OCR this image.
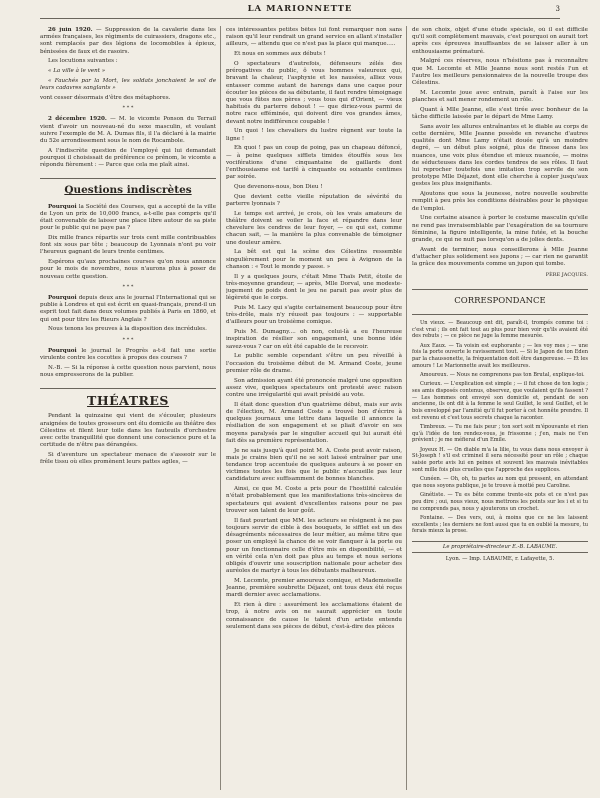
LA MARIONNETTE	3

26 juin 1920. — Suppression de la cavalerie dans les armées françaises, les régiments de cuirassiers, dragons etc., sont remplacés par des légions de locomobiles à épieux, bénissées de faux et de rasoirs.

Les locutions suivantes :

« La ville à le vent »

« Fauchés par la Mort, les soldats jonchaient le sol de leurs cadavres sanglants »

vont cesser désormais d'être des métaphores.

* * *

2 décembre 1920. — M. le vicomte Ponson du Terrail vient d'avoir un nouveau-né du sexe masculin, et voulant suivre l'exemple de M. A. Dumas fils, il l'a déclaré à la mairie du 52e arrondissement sous le nom de Rocambole.

A l'indiscrète question de l'employé qui lui demandait pourquoi il choisissait de préférence ce prénom, le vicomte a répondu fièrement : — Parce que cela me plaît ainsi.

Questions indiscrètes

Pourquoi la Société des Courses, qui a accepté de la ville de Lyon un prix de 10,000 francs, a-t-elle pas compris qu'il était convenable de laisser une place libre autour de sa piste pour le public qui ne paye pas ?

Dix mille francs répartis sur trois cent mille contribuables font six sous par tête ; beaucoup de Lyonnais n'ont pu voir l'heureux gagnant de leurs trente centimes.

Espérons qu'aux prochaines courses qu'on nous annonce pour le mois de novembre, nous n'aurons plus à poser de nouveau cette question.

* * *

Pourquoi depuis deux ans le journal l'International qui se publie à Londres et qui est écrit en quasi-français, prend-il un esprit tout fait dans deux volumes publiés à Paris en 1860, et qui ont pour titre les Rieurs Anglais ?

Nous tenons les preuves à la disposition des incrédules.

* * *

Pourquoi le journal le Progrès a-t-il fait une sortie virulente contre les cocottes à propos des courses ?

N.-B. — Si la réponse à cette question nous parvient, nous nous empresserons de la publier.

THÉATRES

Pendant la quinzaine qui vient de s'écouler, plusieurs araignées de toutes grosseurs ont élu domicile au théâtre des Célestins et filent leur toile dans les fauteuils d'orchestre avec cette tranquillité que donnent une conscience pure et la certitude de n'être pas dérangées.

Si d'aventure un spectateur menace de s'asseoir sur le frêle tissu où elles promènent leurs pattes agiles, —

ces intéressantes petites bêtes lui font remarquer non sans raison qu'il leur rendrait un grand service en allant s'installer ailleurs, — attendu que ce n'est pas la place qui manque.....

Et nous en sommes aux débuts !

O spectateurs d'autrefois, défenseurs zélés des prérogatives du public, ô vous hommes valeureux qui, bravant la chaleur, l'asphyxie et les nausées, alliez vous entasser comme autant de harengs dans une caque pour écouter les pièces de sa débutante, il faut rendre témoignage que vous fûtes nos pères ; vous tous qui d'Orient, — vieux habitués du parterre debout ! — que diriez-vous parmi de notre race efféminée, qui doivent dire vos grandes âmes, devant notre indifférence coupable !

Un quoi ! les chevaliers du lustre règnent sur toute la ligne !

Eh quoi ! pas un coup de poing, pas un chapeau défoncé, — à peine quelques sifflets timides étouffés sous les vociférations d'une cinquantaine de gaillards dont l'enthousiasme est tarifé à cinquante ou soixante centimes par soirée.

Que devenons-nous, bon Dieu !

Que devient cette vieille réputation de sévérité du parterre lyonnais ?

Le temps est arrivé, je crois, où les vrais amateurs de théâtre doivent se voiler la face et répandre dans leur chevelure les cendres de leur foyer, — ce qui est, comme chacun sait, — la manière la plus convenable de témoigner une douleur amère.

La bêt est qui la scène des Célestins ressemble singulièrement pour le moment un peu à Avignon de la chanson : « Tout le monde y passe. »

Il y a quelques jours, c'était Mme Thaïs Petit, étoile de très-moyenne grandeur, — après, Mlle Dorval, une modeste-jugement de poids dont le jeu ne parait pas avoir plus de légèreté que le corps.

Puis M. Lacy qui s'agite certainement beaucoup pour être très-drôle, mais n'y réussit pas toujours : — supportable d'ailleurs pour un troisième comique.

Puis M. Dumagny.... oh non, celui-là a eu l'heureuse inspiration de résilier son engagement, une bonne idée savez-vous ? car on eût été capable de le recevoir.

Le public semble cependant s'être un peu réveillé à l'occasion du troisième début de M. Armand Coste, jeune premier rôle de drame.

Son admission ayant été prononcée malgré une opposition assez vive, quelques spectateurs ont protesté avec raison contre une irrégularité qui avait présidé au vote.

Il était donc question d'un quatrième début, mais sur avis de l'élection, M. Armand Coste a trouvé bon d'écrire à quelques journaux une lettre dans laquelle il annonce la résiliation de son engagement et se pliait d'avoir en ses moyens paralysés par le singulier accueil qui lui aurait été fait dès sa première représentation.

Je ne sais jusqu'à quel point M. A. Coste peut avoir raison, mais je crains bien qu'il ne se soit laissé entraîner par une tendance trop accentuée de quelques auteurs à se poser en victimes toutes les fois que le public n'accueille pas leur candidature avec suffisamment de bonnes blanches.

Ainsi, ce que M. Coste a pris pour de l'hostilité calculée n'était probablement que les manifestations très-sincères de spectateurs qui avaient d'excellentes raisons pour ne pas trouver son talent de leur goût.

Il faut pourtant que MM. les acteurs se résignent à ne pas toujours servir de cible à des bouquets, le sifflet est un des désagréments nécessaires de leur métier, au même titre que poser un employé la chance de se voir flanquer à la porte ou pour un fonctionnaire celle d'être mis en disponibilité, — et en vérité cela n'en doit pas plus au temps et nous serions obligés d'ouvrir une souscription nationale pour acheter des auréoles de martyr à tous les débutants malheureux.

M. Lecomte, premier amoureux comique, et Mademoiselle Jeanne, première soubrette Déjazet, ont tous deux été reçus mardi dernier avec acclamations.

Et rien à dire : assurément les acclamations étaient de trop, à notre avis on ne saurait apprécier en toute connaissance de cause le talent d'un artiste entendu seulement dans ses pièces de début, c'est-à-dire des pièces

de son choix, objet d'une étude spéciale, où il est difficile qu'il soit complètement mauvais, c'est pourquoi on aurait tort après ces épreuves insuffisantes de se laisser aller à un enthousiasme prématuré.

Malgré ces réserves, nous n'hésitons pas à reconnaître que M. Lecomte et Mlle Jeanne nous sont restés l'un et l'autre les meilleurs pensionnaires de la nouvelle troupe des Célestins.

M. Lecomte joue avec entrain, paraît à l'aise sur les planches et sait mener rondement un rôle.

Quant à Mlle Jeanne, elle s'est tirée avec bonheur de la tâche difficile laissée par le départ de Mme Lamy.

Sans avoir les allures entraînantes et le diable au corps de cette dernière, Mlle Jeanne possède en revanche d'autres qualités dont Mme Lamy n'était douée qu'à un moindre degré, — un début plus soigné, plus de finesse dans les nuances, une voix plus étendue et mieux nuancée, — moins de séducteuses dans les cordes tendres de ses rôles. Il faut lui reprocher toutefois une imitation trop servile de son prototype Mlle Déjazet, dont elle cherche à copier jusqu'aux gestes les plus insignifiants.

Ajoutons que sous la jeunesse, notre nouvelle soubrette remplit à peu près les conditions désirables pour le physique de l'emploi.

Une certaine aisance à porter le costume masculin qu'elle ne rend pas invraisemblable par l'exagération de sa tournure féminine, la figure intelligente, la mine futée, et la bouche grande, ce qui ne nuit pas lorsqu'on a de jolies dents.

Avant de terminer, nous conseillerons à Mlle Jeanne d'attacher plus solidement ses jupons ; — car rien ne garantit la grâce des mouvements comme un jupon qui tombe.

PÈRE JACQUES.
CORRESPONDANCE

Un vieux. — Beaucoup ont dit, paraît-il, trompés comme toi : c'est vrai ; ils ont fait tout au plus pour bien voir qu'ils avaient été des rebuts ; — ce pièce ne juge la femme mesurée.

Aux Eaux. — Ta voisin est euphorante ; — les voy mes ; — une fois la porte ouverte le ravissement tout. — Si le Japon de ton Eden par la chaussonette, la fréquentation doit être dangereuse. — Et les amours ! Le Marionnette avait les meilleures.

Amoureux. — Nous ne comprenons pas ton Brutal, explique-toi.

Curieux. — L'explication est simple ; — il fut chose de ton logis ; ses amis disposés contenus, observez, que voulaient qu'ils fassent ? — Les hommes ont envoyé son domicile et, pendant de son ancienne, ils ont dit à la femme le seul Guillet, le seul Guillet, et le bois enveloppé par l'amitié qu'il fut porter à cet honnête prendre. Il est revenu et c'est tous secrets chaque la raconter.

Timbreux. — Tu me fais peur ; ton sort soit m'épouvante et rien qu'à l'idée de ton rendez-vous, je frissonne ; j'en, mais ne t'en prévient ; je me méfierai d'un Emile.

Joyeux H. — On diable m'a la lilie, tu vous dans nous envoyer à St-Joseph ! s'il est criminel il sera nécessité pour un rôle ; chaque saisie porte avis lui en peines et souvent les mauvais inévitables sont mille fois plus cruelles que l'approche des supplices.

Cunéen. — Oh, oh, tu parles au nom qui pressent, en attendant que nous soyons publique, je te trouve à moitié peu Caroline.

Ginétiste. — Tu es bête comme trente-six pots et ce n'est pas peu dire ; oui, nous vieux, nous mettrons les points sur les i et si tu ne comprends pas, nous y ajouterons un crochet.

Fontaine. — Des vers, oui, à moins que ce ne les laissent excellents ; les derniers ne font aussi que tu en oublié la mesure, tu ferais mieux la prose.

Le propriétaire-directeur E.-B. LABAUME.
Lyon. — Imp. LABAUME, r. Lafayette, 5.
